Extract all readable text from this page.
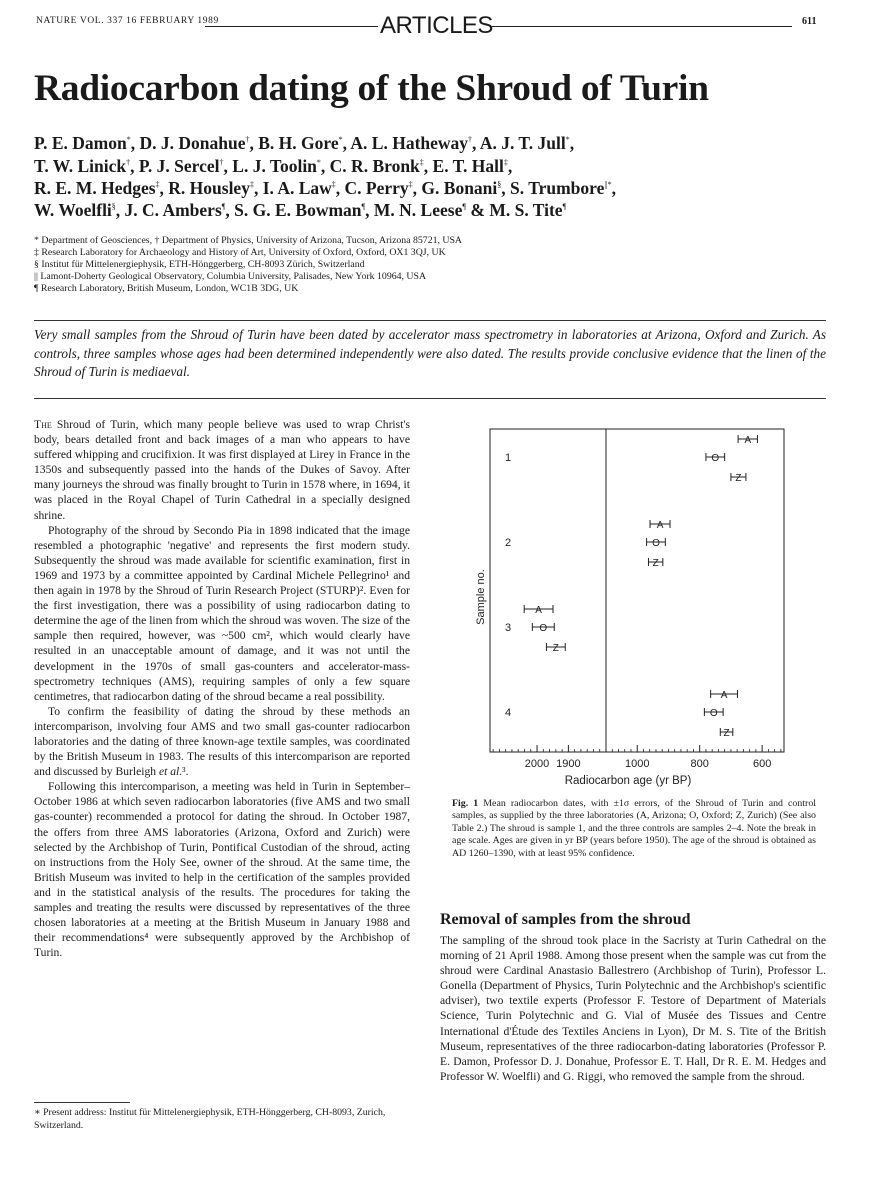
NATURE VOL. 337 16 FEBRUARY 1989	ARTICLES	611
Radiocarbon dating of the Shroud of Turin
P. E. Damon*, D. J. Donahue†, B. H. Gore*, A. L. Hatheway†, A. J. T. Jull*,
T. W. Linick†, P. J. Sercel†, L. J. Toolin*, C. R. Bronk‡, E. T. Hall‡,
R. E. M. Hedges‡, R. Housley‡, I. A. Law‡, C. Perry‡, G. Bonani§, S. Trumbore||*,
W. Woelfli§, J. C. Ambers¶, S. G. E. Bowman¶, M. N. Leese¶ & M. S. Tite¶
* Department of Geosciences, † Department of Physics, University of Arizona, Tucson, Arizona 85721, USA
‡ Research Laboratory for Archaeology and History of Art, University of Oxford, Oxford, OX1 3QJ, UK
§ Institut für Mittelenergiephysik, ETH-Hönggerberg, CH-8093 Zürich, Switzerland
|| Lamont-Doherty Geological Observatory, Columbia University, Palisades, New York 10964, USA
¶ Research Laboratory, British Museum, London, WC1B 3DG, UK
Very small samples from the Shroud of Turin have been dated by accelerator mass spectrometry in laboratories at Arizona, Oxford and Zurich. As controls, three samples whose ages had been determined independently were also dated. The results provide conclusive evidence that the linen of the Shroud of Turin is mediaeval.

The Shroud of Turin, which many people believe was used to wrap Christ's body, bears detailed front and back images of a man who appears to have suffered whipping and crucifixion. It was first displayed at Lirey in France in the 1350s and subsequently passed into the hands of the Dukes of Savoy. After many journeys the shroud was finally brought to Turin in 1578 where, in 1694, it was placed in the Royal Chapel of Turin Cathedral in a specially designed shrine.

Photography of the shroud by Secondo Pia in 1898 indicated that the image resembled a photographic 'negative' and represents the first modern study. Subsequently the shroud was made available for scientific examination, first in 1969 and 1973 by a committee appointed by Cardinal Michele Pellegrino¹ and then again in 1978 by the Shroud of Turin Research Project (STURP)². Even for the first investigation, there was a possibility of using radiocarbon dating to determine the age of the linen from which the shroud was woven. The size of the sample then required, however, was ~500 cm², which would clearly have resulted in an unacceptable amount of damage, and it was not until the development in the 1970s of small gas-counters and accelerator-mass-spectrometry techniques (AMS), requiring samples of only a few square centimetres, that radiocarbon dating of the shroud became a real possibility.

To confirm the feasibility of dating the shroud by these methods an intercomparison, involving four AMS and two small gas-counter radiocarbon laboratories and the dating of three known-age textile samples, was coordinated by the British Museum in 1983. The results of this intercomparison are reported and discussed by Burleigh et al.³.

Following this intercomparison, a meeting was held in Turin in September–October 1986 at which seven radiocarbon laboratories (five AMS and two small gas-counter) recommended a protocol for dating the shroud. In October 1987, the offers from three AMS laboratories (Arizona, Oxford and Zurich) were selected by the Archbishop of Turin, Pontifical Custodian of the shroud, acting on instructions from the Holy See, owner of the shroud. At the same time, the British Museum was invited to help in the certification of the samples provided and in the statistical analysis of the results. The procedures for taking the samples and treating the results were discussed by representatives of the three chosen laboratories at a meeting at the British Museum in January 1988 and their recommendations⁴ were subsequently approved by the Archbishop of Turin.

∗ Present address: Institut für Mittelenergiephysik, ETH-Hönggerberg, CH-8093, Zurich, Switzerland.
2000 1900	1000	800	600
Radiocarbon age (yr BP)
Sample no.
1
2
3
4
A
O
Z
A
O
Z
A
O
Z
A
O
Z
Fig. 1 Mean radiocarbon dates, with ±1σ errors, of the Shroud of Turin and control samples, as supplied by the three laboratories (A, Arizona; O, Oxford; Z, Zurich) (See also Table 2.) The shroud is sample 1, and the three controls are samples 2–4. Note the break in age scale. Ages are given in yr BP (years before 1950). The age of the shroud is obtained as AD 1260–1390, with at least 95% confidence.
Removal of samples from the shroud

The sampling of the shroud took place in the Sacristy at Turin Cathedral on the morning of 21 April 1988. Among those present when the sample was cut from the shroud were Cardinal Anastasio Ballestrero (Archbishop of Turin), Professor L. Gonella (Department of Physics, Turin Polytechnic and the Archbishop's scientific adviser), two textile experts (Professor F. Testore of Department of Materials Science, Turin Polytechnic and G. Vial of Musée des Tissues and Centre International d'Étude des Textiles Anciens in Lyon), Dr M. S. Tite of the British Museum, representatives of the three radiocarbon-dating laboratories (Professor P. E. Damon, Professor D. J. Donahue, Professor E. T. Hall, Dr R. E. M. Hedges and Professor W. Woelfli) and G. Riggi, who removed the sample from the shroud.
